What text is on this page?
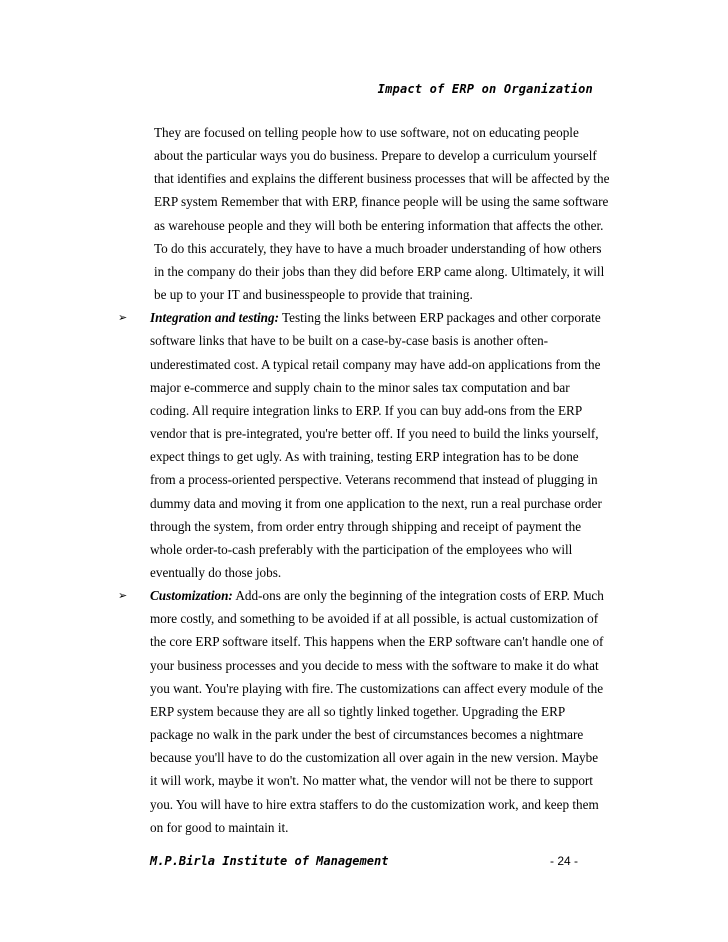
Impact of ERP on Organization

They are focused on telling people how to use software, not on educating people
about the particular ways you do business. Prepare to develop a curriculum yourself
that identifies and explains the different business processes that will be affected by the
ERP system Remember that with ERP, finance people will be using the same software
as warehouse people and they will both be entering information that affects the other.
To do this accurately, they have to have a much broader understanding of how others
in the company do their jobs than they did before ERP came along. Ultimately, it will
be up to your IT and businesspeople to provide that training.

➢ Integration and testing: Testing the links between ERP packages and other corporate
software links that have to be built on a case-by-case basis is another often-
underestimated cost. A typical retail company may have add-on applications from the
major e-commerce and supply chain to the minor sales tax computation and bar
coding. All require integration links to ERP. If you can buy add-ons from the ERP
vendor that is pre-integrated, you're better off. If you need to build the links yourself,
expect things to get ugly. As with training, testing ERP integration has to be done
from a process-oriented perspective. Veterans recommend that instead of plugging in
dummy data and moving it from one application to the next, run a real purchase order
through the system, from order entry through shipping and receipt of payment the
whole order-to-cash preferably with the participation of the employees who will
eventually do those jobs.

➢ Customization: Add-ons are only the beginning of the integration costs of ERP. Much
more costly, and something to be avoided if at all possible, is actual customization of
the core ERP software itself. This happens when the ERP software can't handle one of
your business processes and you decide to mess with the software to make it do what
you want. You're playing with fire. The customizations can affect every module of the
ERP system because they are all so tightly linked together. Upgrading the ERP
package no walk in the park under the best of circumstances becomes a nightmare
because you'll have to do the customization all over again in the new version. Maybe
it will work, maybe it won't. No matter what, the vendor will not be there to support
you. You will have to hire extra staffers to do the customization work, and keep them
on for good to maintain it.

M.P.Birla Institute of Management	- 24 -
